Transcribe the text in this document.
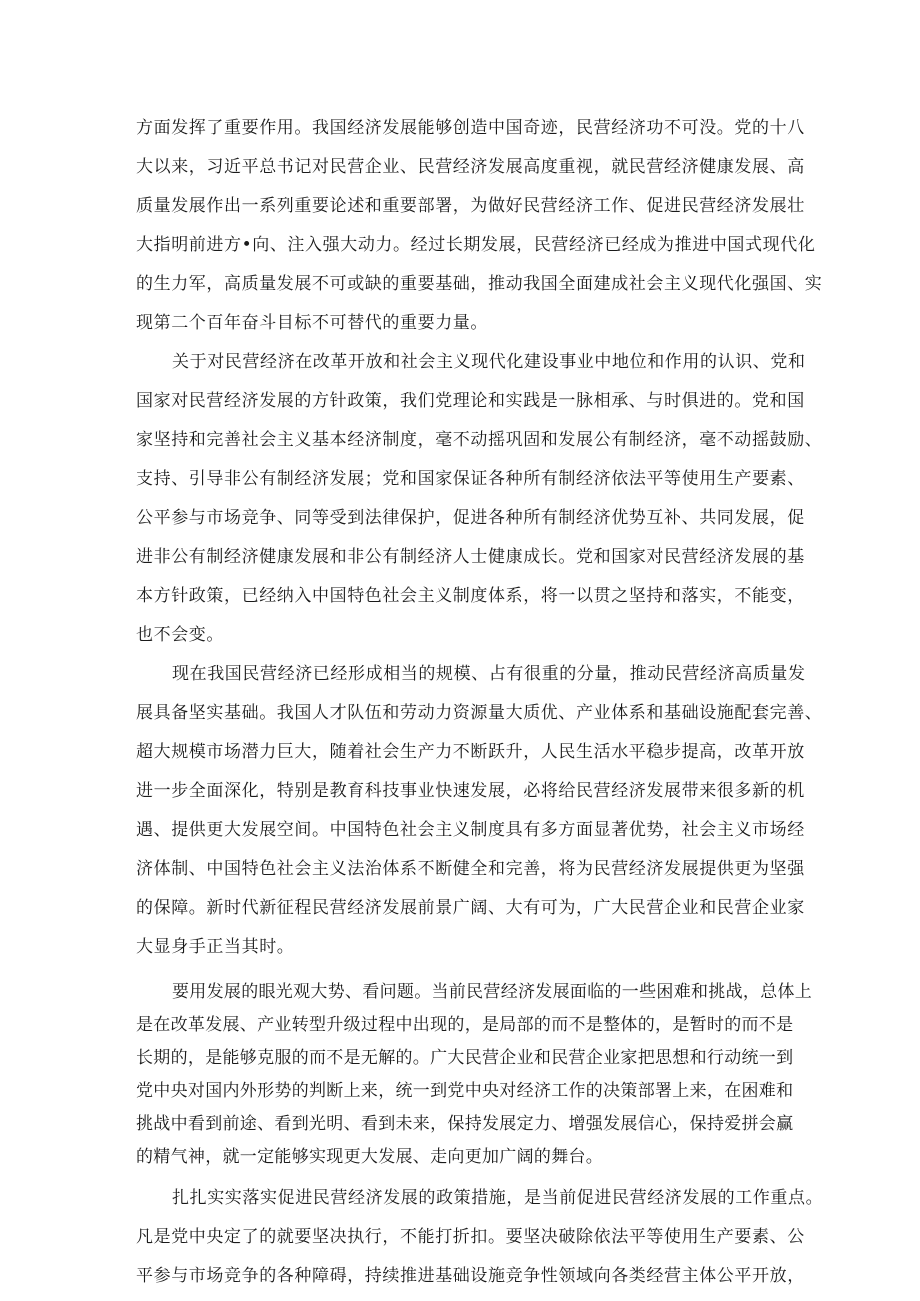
方面发挥了重要作用。我国经济发展能够创造中国奇迹，民营经济功不可没。党的十八
大以来，习近平总书记对民营企业、民营经济发展高度重视，就民营经济健康发展、高
质量发展作出一系列重要论述和重要部署，为做好民营经济工作、促进民营经济发展壮
大指明前进方•向、注入强大动力。经过长期发展，民营经济已经成为推进中国式现代化
的生力军，高质量发展不可或缺的重要基础，推动我国全面建成社会主义现代化强国、实
现第二个百年奋斗目标不可替代的重要力量。
关于对民营经济在改革开放和社会主义现代化建设事业中地位和作用的认识、党和
国家对民营经济发展的方针政策，我们党理论和实践是一脉相承、与时俱进的。党和国
家坚持和完善社会主义基本经济制度，毫不动摇巩固和发展公有制经济，毫不动摇鼓励、
支持、引导非公有制经济发展；党和国家保证各种所有制经济依法平等使用生产要素、
公平参与市场竞争、同等受到法律保护，促进各种所有制经济优势互补、共同发展，促
进非公有制经济健康发展和非公有制经济人士健康成长。党和国家对民营经济发展的基
本方针政策，已经纳入中国特色社会主义制度体系，将一以贯之坚持和落实，不能变，
也不会变。
现在我国民营经济已经形成相当的规模、占有很重的分量，推动民营经济高质量发
展具备坚实基础。我国人才队伍和劳动力资源量大质优、产业体系和基础设施配套完善、
超大规模市场潜力巨大，随着社会生产力不断跃升，人民生活水平稳步提高，改革开放
进一步全面深化，特别是教育科技事业快速发展，必将给民营经济发展带来很多新的机
遇、提供更大发展空间。中国特色社会主义制度具有多方面显著优势，社会主义市场经
济体制、中国特色社会主义法治体系不断健全和完善，将为民营经济发展提供更为坚强
的保障。新时代新征程民营经济发展前景广阔、大有可为，广大民营企业和民营企业家
大显身手正当其时。
要用发展的眼光观大势、看问题。当前民营经济发展面临的一些困难和挑战，总体上
是在改革发展、产业转型升级过程中出现的，是局部的而不是整体的，是暂时的而不是
长期的，是能够克服的而不是无解的。广大民营企业和民营企业家把思想和行动统一到
党中央对国内外形势的判断上来，统一到党中央对经济工作的决策部署上来，在困难和
挑战中看到前途、看到光明、看到未来，保持发展定力、增强发展信心，保持爱拼会赢
的精气神，就一定能够实现更大发展、走向更加广阔的舞台。
扎扎实实落实促进民营经济发展的政策措施，是当前促进民营经济发展的工作重点。
凡是党中央定了的就要坚决执行，不能打折扣。要坚决破除依法平等使用生产要素、公
平参与市场竞争的各种障碍，持续推进基础设施竞争性领域向各类经营主体公平开放，
